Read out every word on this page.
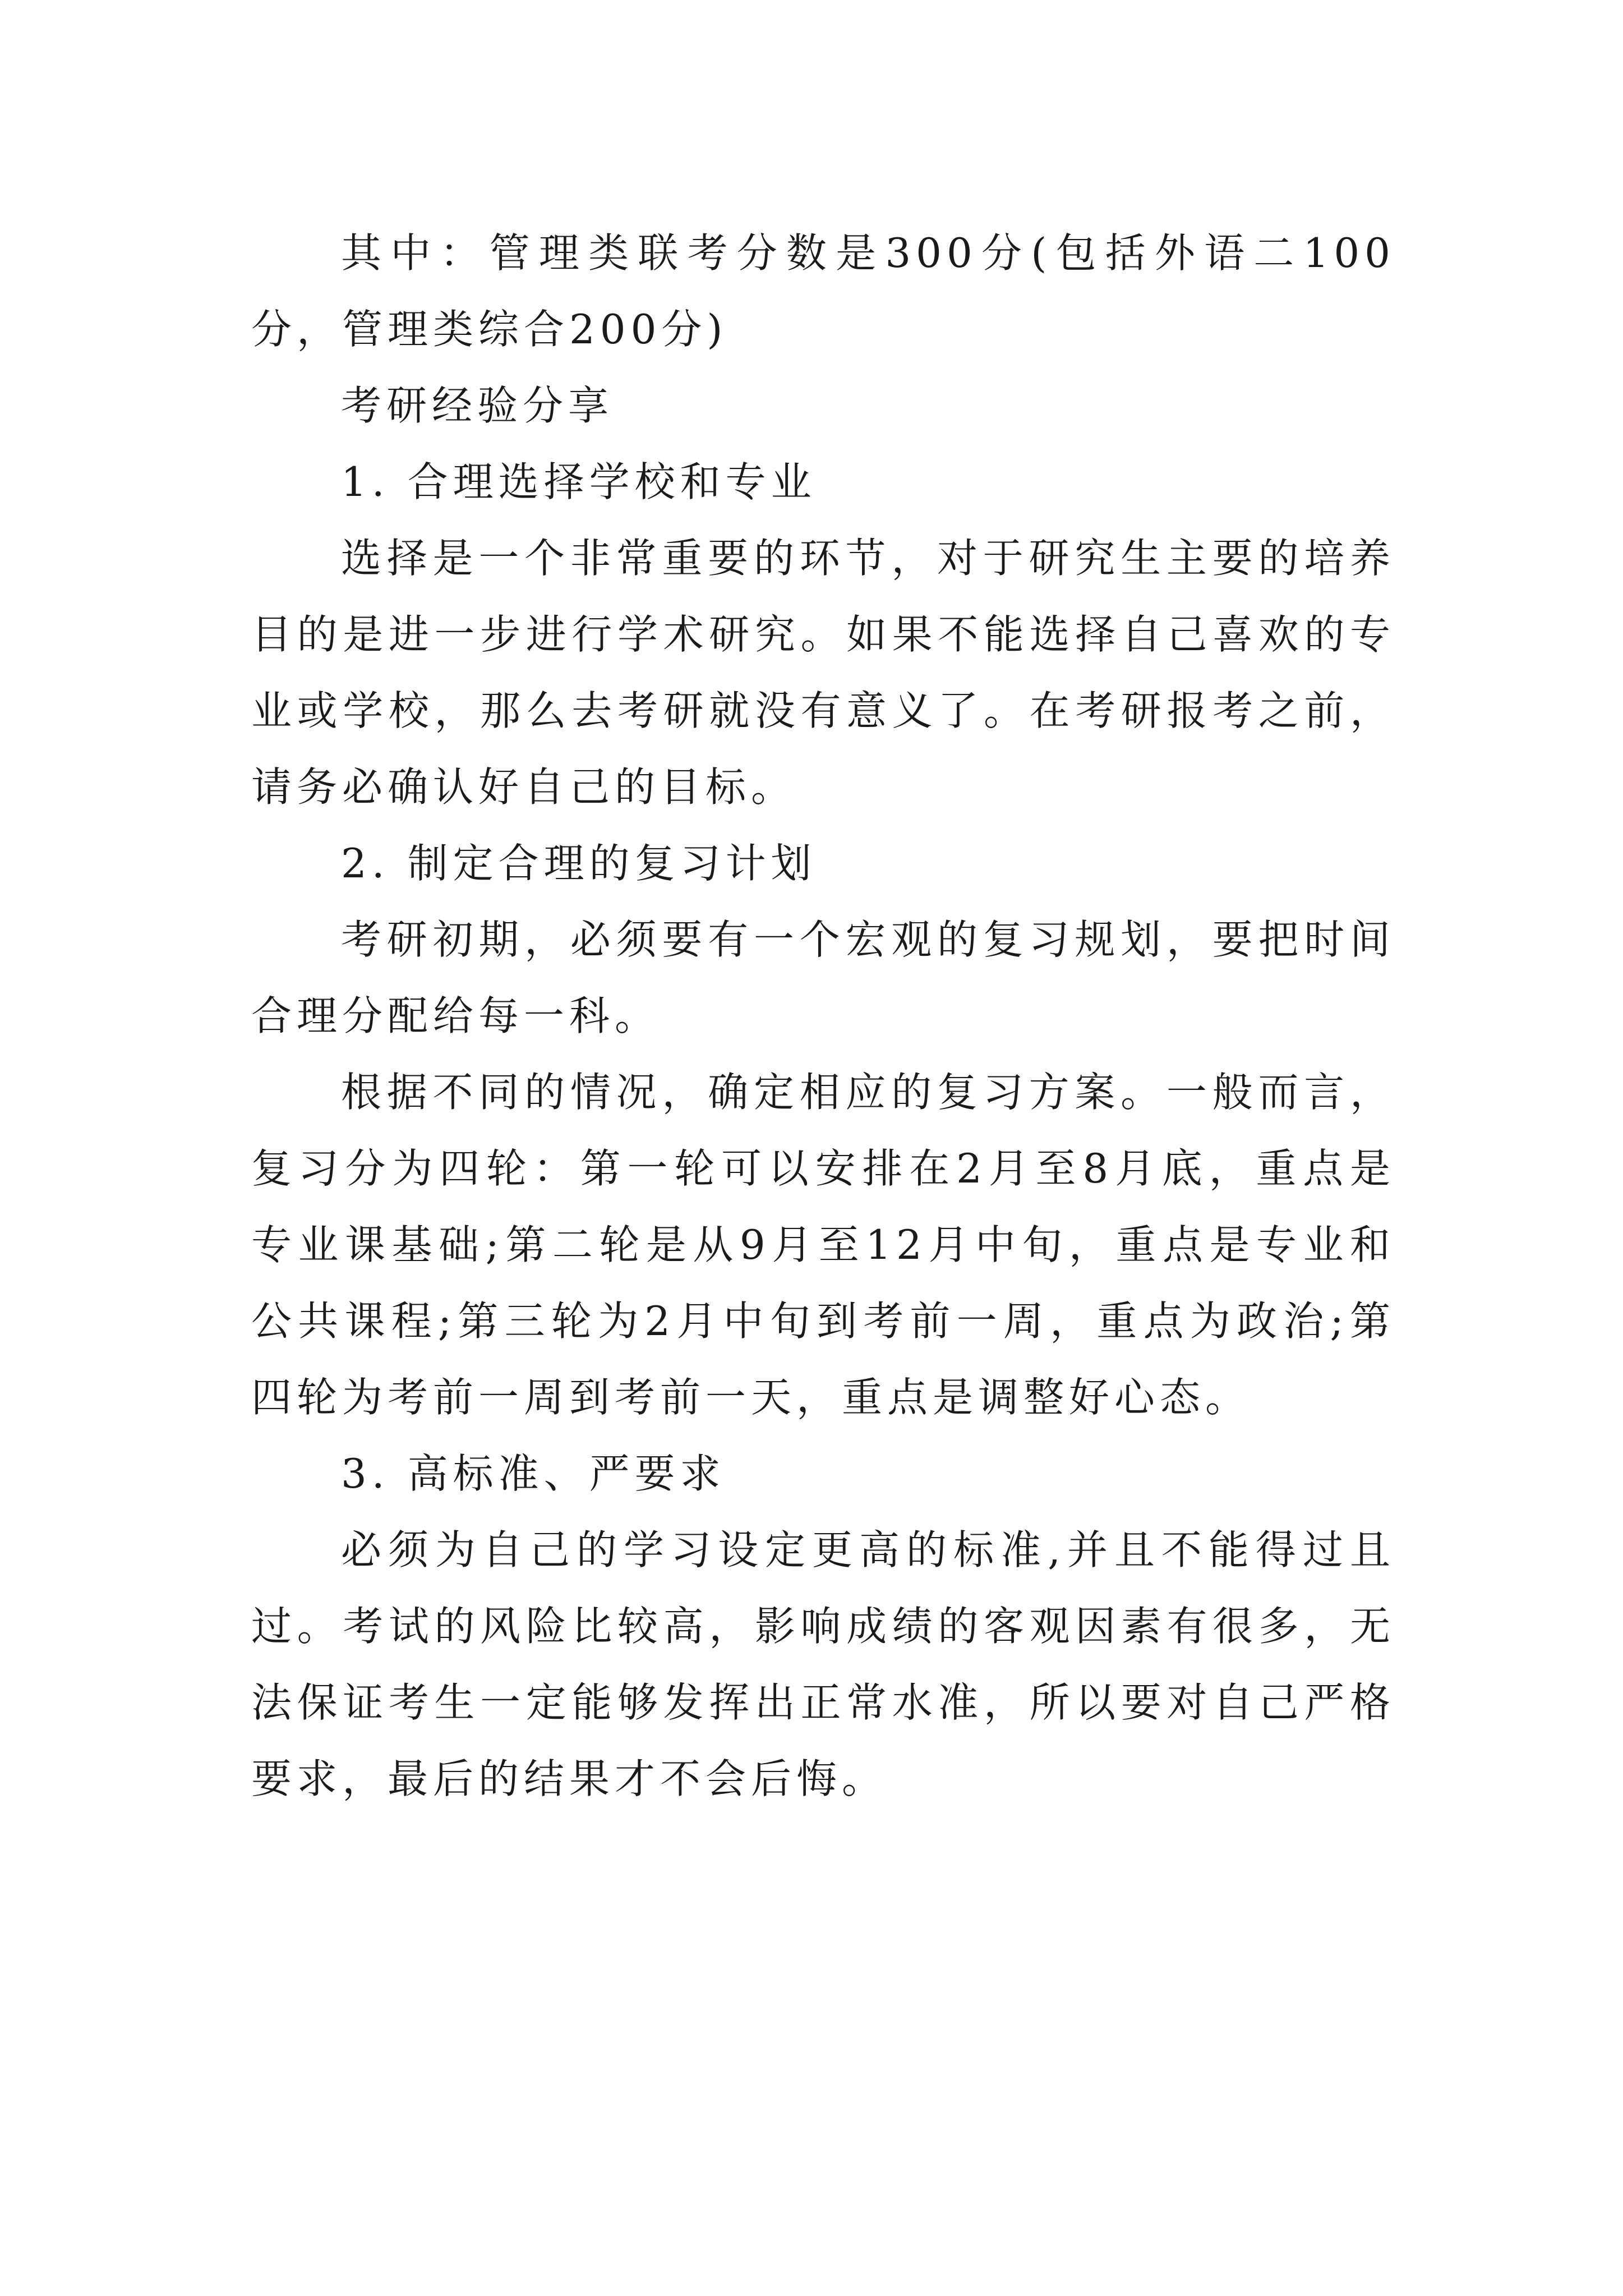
其中：管理类联考分数是300分(包括外语二100分，管理类综合200分)

考研经验分享

1. 合理选择学校和专业

选择是一个非常重要的环节，对于研究生主要的培养目的是进一步进行学术研究。如果不能选择自己喜欢的专业或学校，那么去考研就没有意义了。在考研报考之前，请务必确认好自己的目标。

2. 制定合理的复习计划

考研初期，必须要有一个宏观的复习规划，要把时间合理分配给每一科。

根据不同的情况，确定相应的复习方案。一般而言，复习分为四轮：第一轮可以安排在2月至8月底，重点是专业课基础;第二轮是从9月至12月中旬，重点是专业和公共课程;第三轮为2月中旬到考前一周，重点为政治;第四轮为考前一周到考前一天，重点是调整好心态。

3. 高标准、严要求

必须为自己的学习设定更高的标准,并且不能得过且过。考试的风险比较高，影响成绩的客观因素有很多，无法保证考生一定能够发挥出正常水准，所以要对自己严格要求，最后的结果才不会后悔。
